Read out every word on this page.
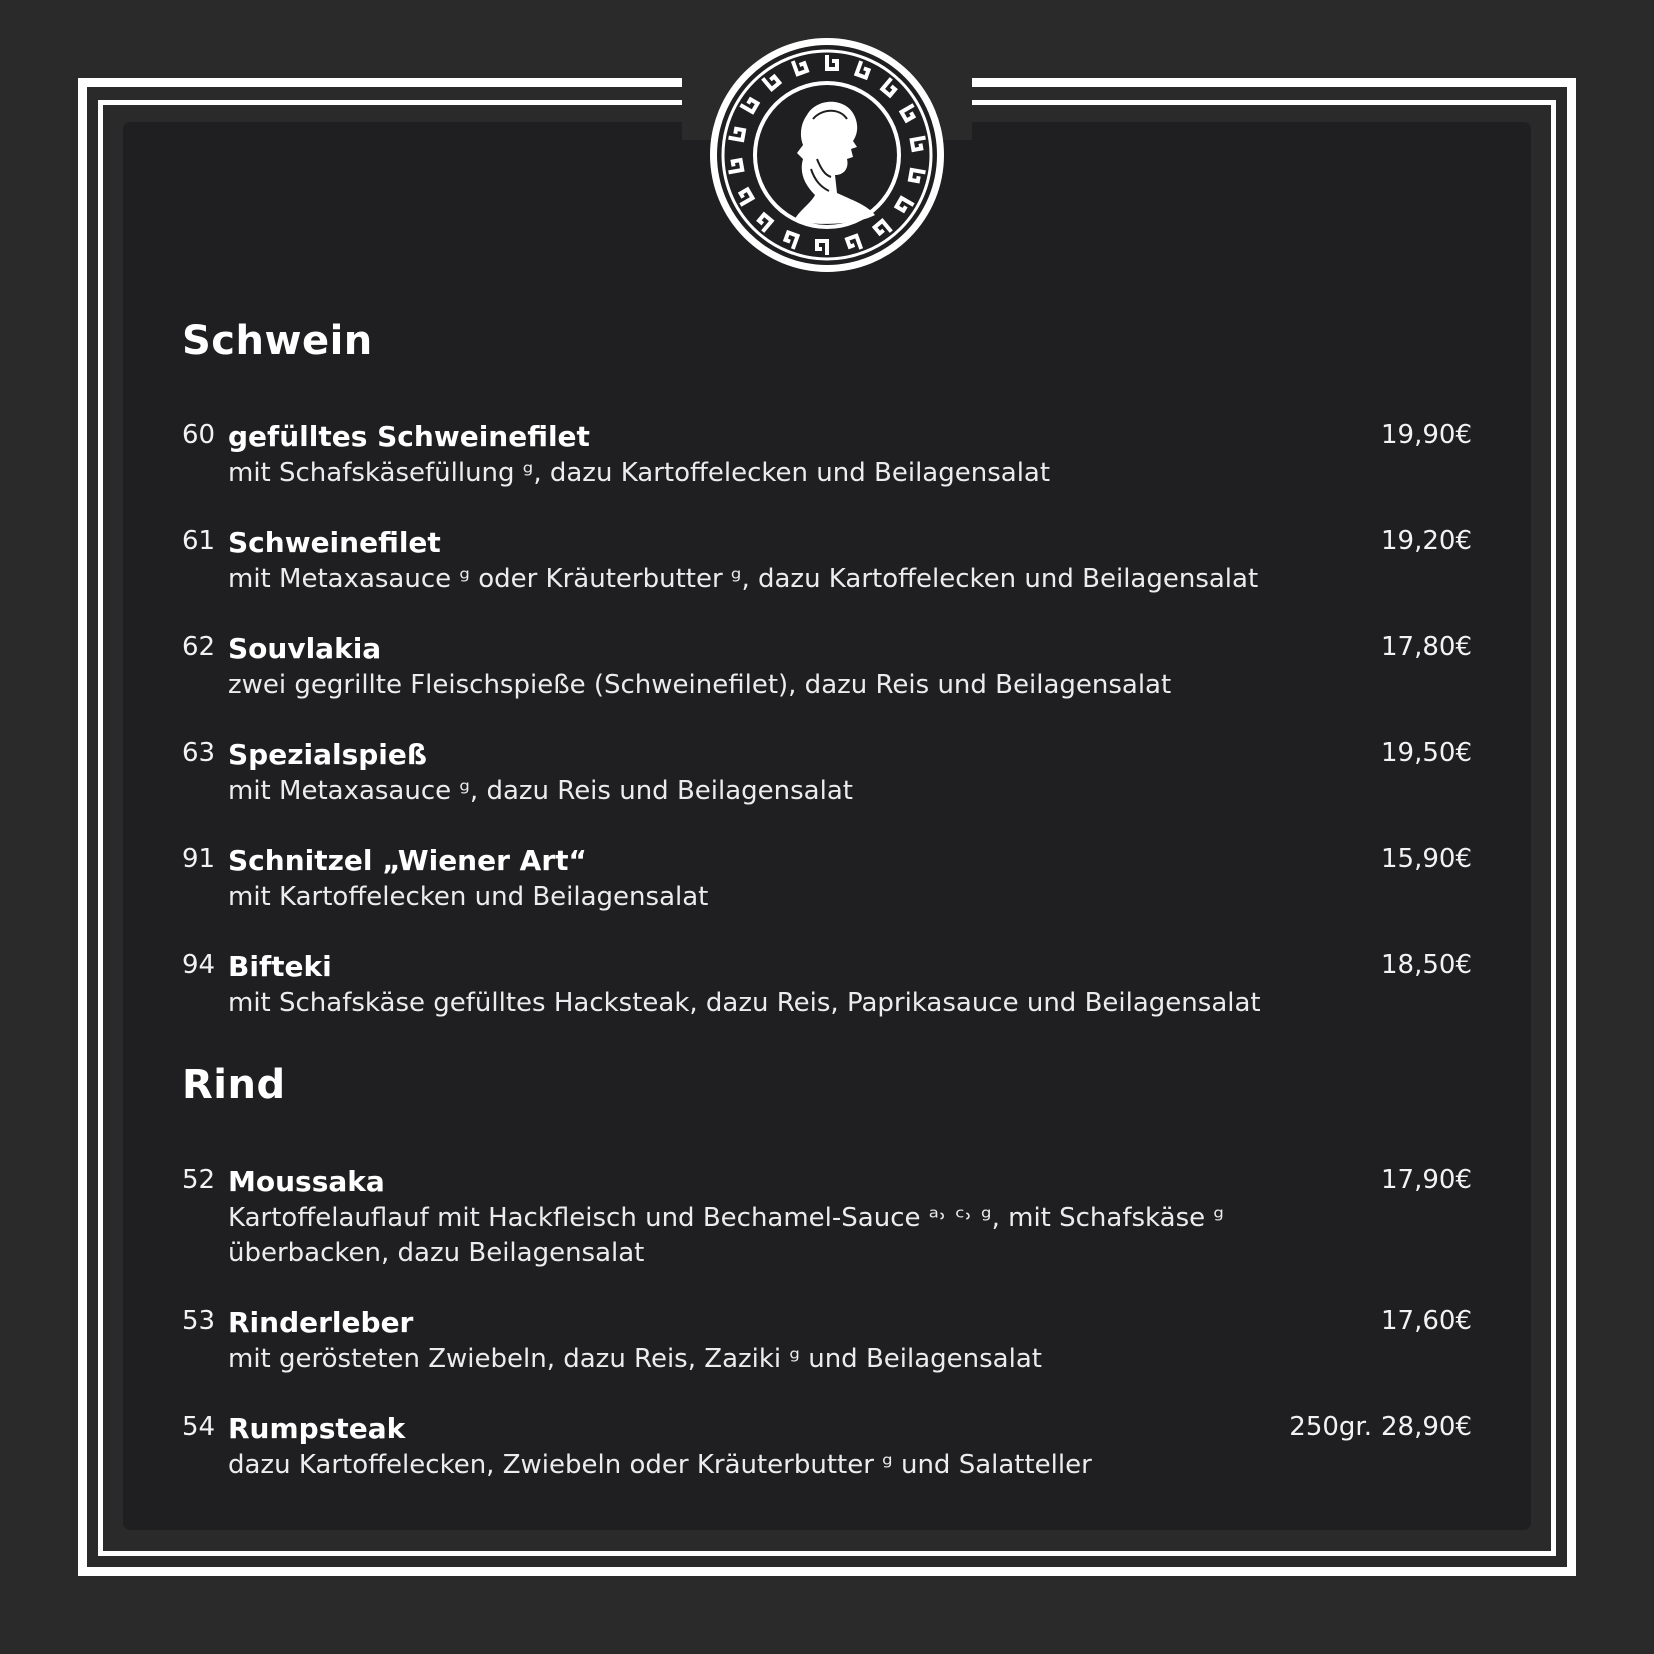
Schwein
60 gefülltes Schweinefilet
mit Schafskäsefüllung ᵍ, dazu Kartoffelecken und Beilagensalat
19,90€
61 Schweinefilet
mit Metaxasauce ᵍ oder Kräuterbutter ᵍ, dazu Kartoffelecken und Beilagensalat
19,20€
62 Souvlakia
zwei gegrillte Fleischspieße (Schweinefilet), dazu Reis und Beilagensalat
17,80€
63 Spezialspieß
mit Metaxasauce ᵍ, dazu Reis und Beilagensalat
19,50€
91 Schnitzel „Wiener Art“
mit Kartoffelecken und Beilagensalat
15,90€
94 Bifteki
mit Schafskäse gefülltes Hacksteak, dazu Reis, Paprikasauce und Beilagensalat
18,50€
Rind
52 Moussaka
Kartoffelauflauf mit Hackfleisch und Bechamel-Sauce ᵃ˒ ᶜ˒ ᵍ, mit Schafskäse ᵍ überbacken, dazu Beilagensalat
17,90€
53 Rinderleber
mit gerösteten Zwiebeln, dazu Reis, Zaziki ᵍ und Beilagensalat
17,60€
54 Rumpsteak
dazu Kartoffelecken, Zwiebeln oder Kräuterbutter ᵍ und Salatteller
250gr. 28,90€
